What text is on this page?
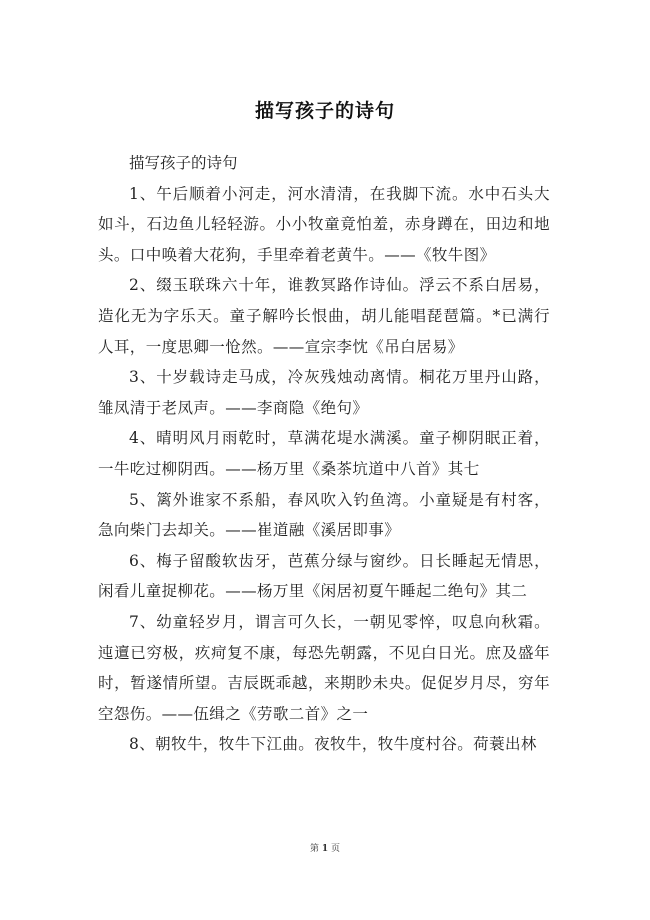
描写孩子的诗句

描写孩子的诗句

1、午后顺着小河走，河水清清，在我脚下流。水中石头大如斗，石边鱼儿轻轻游。小小牧童竟怕羞，赤身蹲在，田边和地头。口中唤着大花狗，手里牵着老黄牛。——《牧牛图》

2、缀玉联珠六十年，谁教冥路作诗仙。浮云不系白居易，造化无为字乐天。童子解吟长恨曲，胡儿能唱琵琶篇。*已满行人耳，一度思卿一怆然。——宣宗李忱《吊白居易》

3、十岁载诗走马成，冷灰残烛动离情。桐花万里丹山路，雏凤清于老凤声。——李商隐《绝句》

4、晴明风月雨乾时，草满花堤水满溪。童子柳阴眠正着，一牛吃过柳阴西。——杨万里《桑茶坑道中八首》其七

5、篱外谁家不系船，春风吹入钓鱼湾。小童疑是有村客，急向柴门去却关。——崔道融《溪居即事》

6、梅子留酸软齿牙，芭蕉分绿与窗纱。日长睡起无情思，闲看儿童捉柳花。——杨万里《闲居初夏午睡起二绝句》其二

7、幼童轻岁月，谓言可久长，一朝见零悴，叹息向秋霜。迍邅已穷极，疚疴复不康，每恐先朝露，不见白日光。庶及盛年时，暂遂情所望。吉辰既乖越，来期眇未央。促促岁月尽，穷年空怨伤。——伍缉之《劳歌二首》之一

8、朝牧牛，牧牛下江曲。夜牧牛，牧牛度村谷。荷蓑出林

第 1 页
